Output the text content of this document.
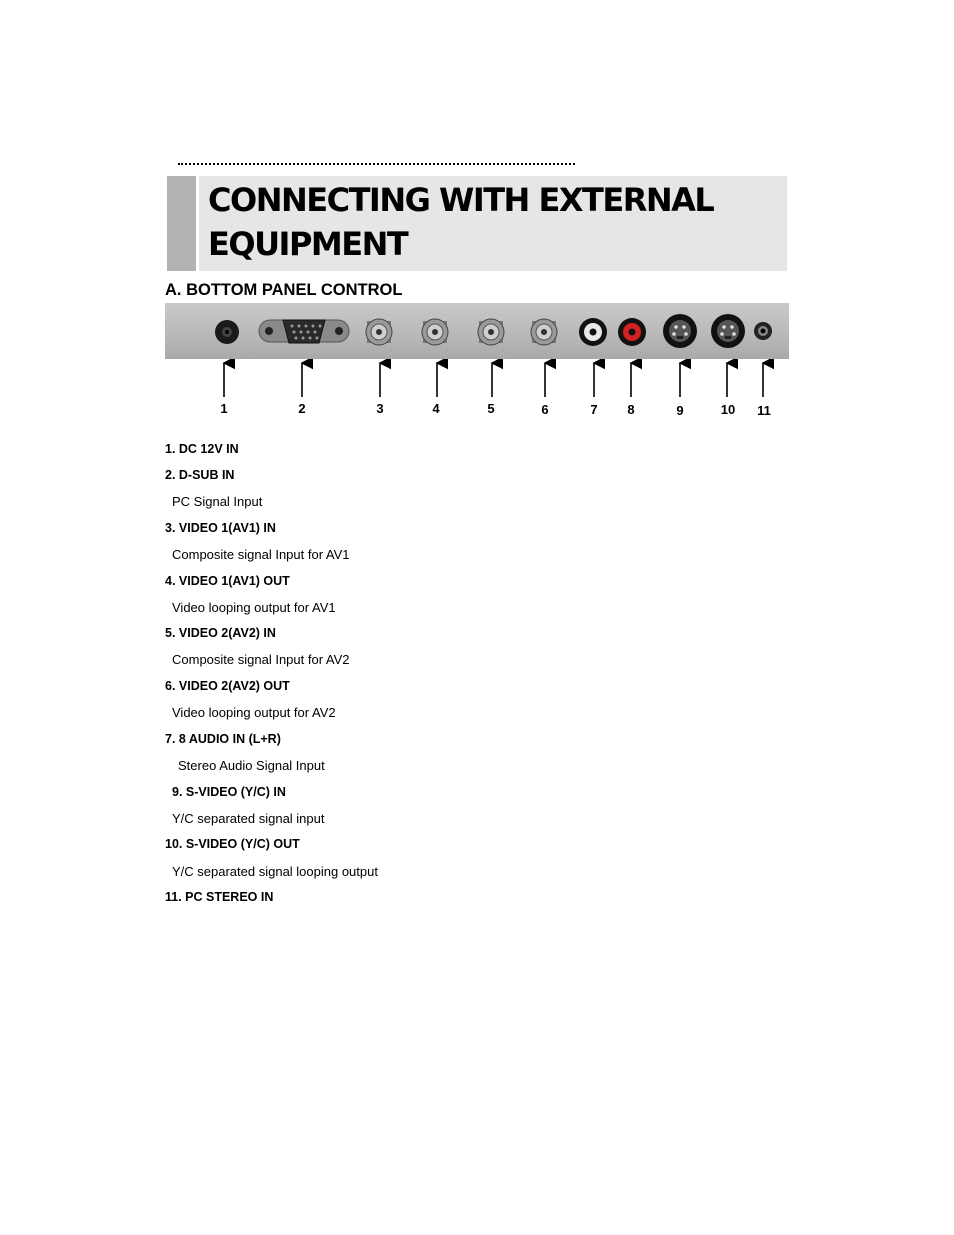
CONNECTING WITH EXTERNAL
EQUIPMENT
A. BOTTOM PANEL CONTROL
1	2	3	4	5	6	7 8	9	10 11
1. DC 12V IN
2. D-SUB IN
PC Signal Input
3. VIDEO 1(AV1) IN
Composite signal Input for AV1
4. VIDEO 1(AV1) OUT
Video looping output for AV1
5. VIDEO 2(AV2) IN
Composite signal Input for AV2
6. VIDEO 2(AV2) OUT
Video looping output for AV2
7. 8 AUDIO IN (L+R)
Stereo Audio Signal Input
9. S-VIDEO (Y/C) IN
Y/C separated signal input
10. S-VIDEO (Y/C) OUT
Y/C separated signal looping output
11. PC STEREO IN
